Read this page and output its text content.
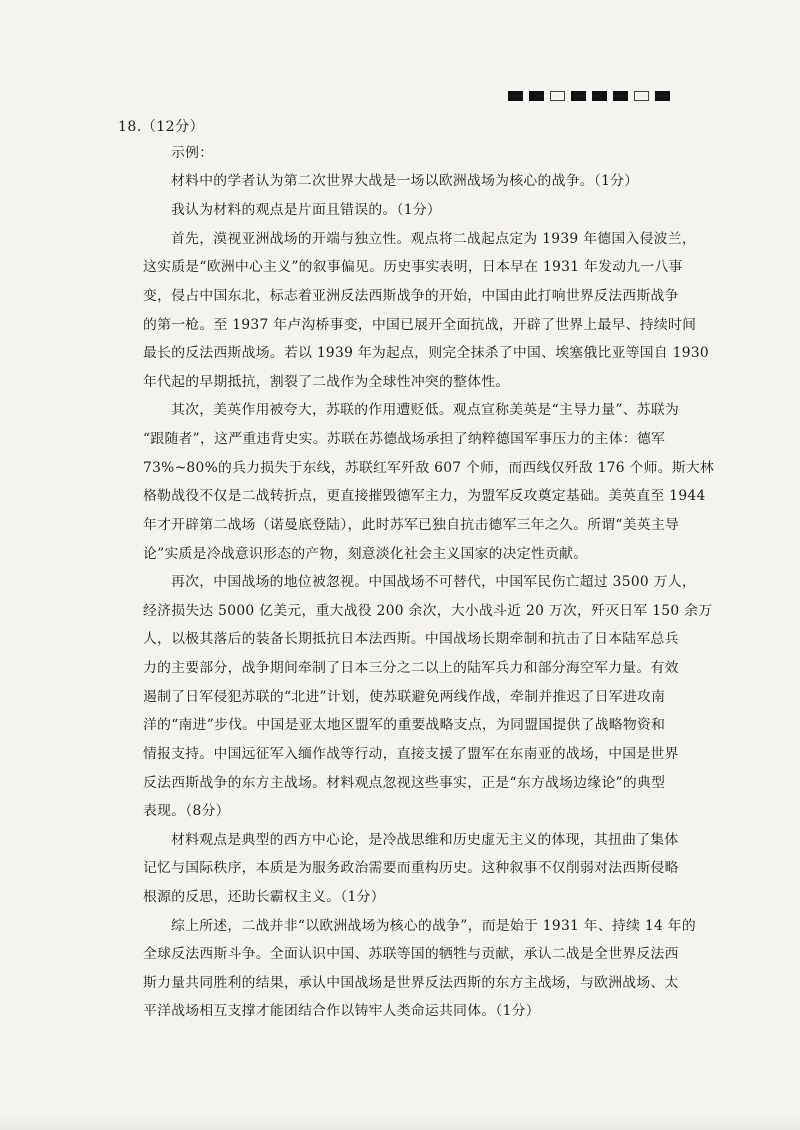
18.（12分）
示例：
材料中的学者认为第二次世界大战是一场以欧洲战场为核心的战争。（1分）
我认为材料的观点是片面且错误的。（1分）
首先，漠视亚洲战场的开端与独立性。观点将二战起点定为 1939 年德国入侵波兰，
这实质是“欧洲中心主义”的叙事偏见。历史事实表明，日本早在 1931 年发动九一八事
变，侵占中国东北，标志着亚洲反法西斯战争的开始，中国由此打响世界反法西斯战争
的第一枪。至 1937 年卢沟桥事变，中国已展开全面抗战，开辟了世界上最早、持续时间
最长的反法西斯战场。若以 1939 年为起点，则完全抹杀了中国、埃塞俄比亚等国自 1930
年代起的早期抵抗，割裂了二战作为全球性冲突的整体性。
其次，美英作用被夸大，苏联的作用遭贬低。观点宣称美英是“主导力量”、苏联为
“跟随者”，这严重违背史实。苏联在苏德战场承担了纳粹德国军事压力的主体：德军
73%~80%的兵力损失于东线，苏联红军歼敌 607 个师，而西线仅歼敌 176 个师。斯大林
格勒战役不仅是二战转折点，更直接摧毁德军主力，为盟军反攻奠定基础。美英直至 1944
年才开辟第二战场（诺曼底登陆），此时苏军已独自抗击德军三年之久。所谓“美英主导
论”实质是冷战意识形态的产物，刻意淡化社会主义国家的决定性贡献。
再次，中国战场的地位被忽视。中国战场不可替代，中国军民伤亡超过 3500 万人，
经济损失达 5000 亿美元，重大战役 200 余次，大小战斗近 20 万次，歼灭日军 150 余万
人，以极其落后的装备长期抵抗日本法西斯。中国战场长期牵制和抗击了日本陆军总兵
力的主要部分，战争期间牵制了日本三分之二以上的陆军兵力和部分海空军力量。有效
遏制了日军侵犯苏联的“北进”计划，使苏联避免两线作战，牵制并推迟了日军进攻南
洋的“南进”步伐。中国是亚太地区盟军的重要战略支点，为同盟国提供了战略物资和
情报支持。中国远征军入缅作战等行动，直接支援了盟军在东南亚的战场，中国是世界
反法西斯战争的东方主战场。材料观点忽视这些事实，正是“东方战场边缘论”的典型
表现。（8分）
材料观点是典型的西方中心论，是冷战思维和历史虚无主义的体现，其扭曲了集体
记忆与国际秩序，本质是为服务政治需要而重构历史。这种叙事不仅削弱对法西斯侵略
根源的反思，还助长霸权主义。（1分）
综上所述，二战并非“以欧洲战场为核心的战争”，而是始于 1931 年、持续 14 年的
全球反法西斯斗争。全面认识中国、苏联等国的牺牲与贡献，承认二战是全世界反法西
斯力量共同胜利的结果，承认中国战场是世界反法西斯的东方主战场，与欧洲战场、太
平洋战场相互支撑才能团结合作以铸牢人类命运共同体。（1分）
